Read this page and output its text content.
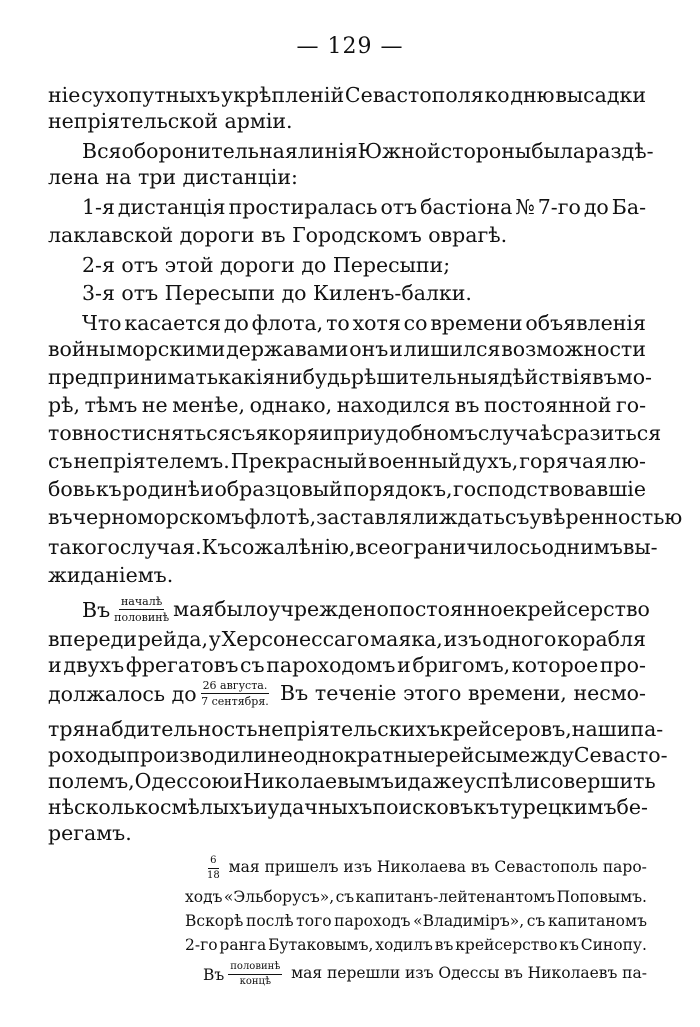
— 129 —
ніе сухопутныхъ укрѣпленій Севастополя ко дню высадки
непріятельской арміи.
Вся оборонительная линія Южной стороны была раздѣ-
лена на три дистанціи:
1-я дистанція простиралась отъ бастіона № 7-го до Ба-
лаклавской дороги въ Городскомъ оврагѣ.
2-я отъ этой дороги до Пересыпи;
3-я отъ Пересыпи до Киленъ-балки.
Что касается до флота, то хотя со времени объявленія
войны морскими державами онъ и лишился возможности
предпринимать какія нибудь рѣшительныя дѣйствія въ мо-
рѣ, тѣмъ не менѣе, однако, находился въ постоянной го-
товности сняться съ якоря и при удобномъ случаѣ сразиться
съ непріятелемъ. Прекрасный военный духъ, горячая лю-
бовь къ родинѣ и образцовый порядокъ, господствовавшіе
въ черноморскомъ флотѣ, заставляли ждать съ увѣренностью
такого случая. Къ сожалѣнію, все ограничилось однимъ вы-
жиданіемъ.
Въ началѣ
половинѣ мая было учреждено постоянное крейсерство
впереди рейда, у Херсонессаго маяка, изъ одного корабля
и двухъ фрегатовъ съ пароходомъ и бригомъ, которое про-
должалось до 26 августа.
7 сентября. Въ теченіе этого времени, несмо-
тря на бдительность непріятельскихъ крейсеровъ, наши па-
роходы производили неоднократные рейсы между Севасто-
полемъ, Одессою и Николаевымъ и даже успѣли совершить
нѣсколько смѣлыхъ и удачныхъ поисковъ къ турецкимъ бе-
регамъ.
$\frac{6}{18}$ мая пришелъ изъ Николаева въ Севастополь паро-
ходъ «Эльборусъ», съ капитанъ-лейтенантомъ Поповымъ.
Вскорѣ послѣ того пароходъ «Владиміръ», съ капитаномъ
2-го ранга Бутаковымъ, ходилъ въ крейсерство къ Синопу.
Въ половинѣ
концѣ мая перешли изъ Одессы въ Николаевъ па-
